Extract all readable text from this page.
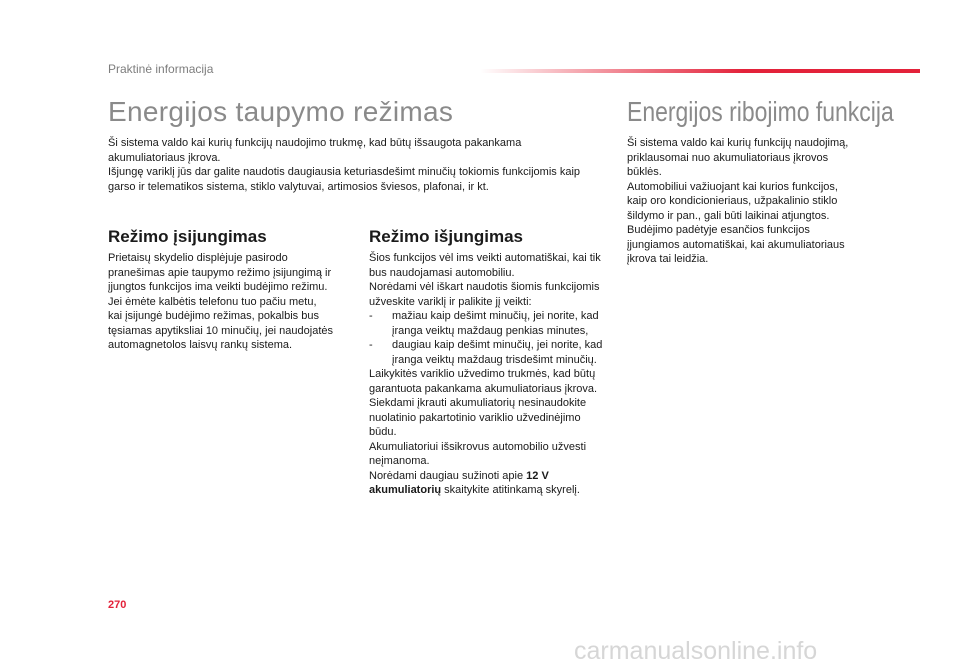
Praktinė informacija
Energijos taupymo režimas
Ši sistema valdo kai kurių funkcijų naudojimo trukmę, kad būtų išsaugota pakankama
akumuliatoriaus įkrova.
Išjungę variklį jūs dar galite naudotis daugiausia keturiasdešimt minučių tokiomis funkcijomis kaip
garso ir telematikos sistema, stiklo valytuvai, artimosios šviesos, plafonai, ir kt.
Režimo įsijungimas
Prietaisų skydelio displėjuje pasirodo
pranešimas apie taupymo režimo įsijungimą ir
įjungtos funkcijos ima veikti budėjimo režimu.
Jei ėmėte kalbėtis telefonu tuo pačiu metu,
kai įsijungė budėjimo režimas, pokalbis bus
tęsiamas apytiksliai 10 minučių, jei naudojatės
automagnetolos laisvų rankų sistema.
Režimo išjungimas
Šios funkcijos vėl ims veikti automatiškai, kai tik
bus naudojamasi automobiliu.
Norėdami vėl iškart naudotis šiomis funkcijomis
užveskite variklį ir palikite jį veikti:
-	mažiau kaip dešimt minučių, jei norite, kad
įranga veiktų maždaug penkias minutes,
-	daugiau kaip dešimt minučių, jei norite, kad
įranga veiktų maždaug trisdešimt minučių.
Laikykitės variklio užvedimo trukmės, kad būtų
garantuota pakankama akumuliatoriaus įkrova.
Siekdami įkrauti akumuliatorių nesinaudokite
nuolatinio pakartotinio variklio užvedinėjimo
būdu.
Akumuliatoriui išsikrovus automobilio užvesti
neįmanoma.
Norėdami daugiau sužinoti apie 12 V
akumuliatorių skaitykite atitinkamą skyrelį.
Energijos ribojimo funkcija
Ši sistema valdo kai kurių funkcijų naudojimą,
priklausomai nuo akumuliatoriaus įkrovos
būklės.
Automobiliui važiuojant kai kurios funkcijos,
kaip oro kondicionieriaus, užpakalinio stiklo
šildymo ir pan., gali būti laikinai atjungtos.
Budėjimo padėtyje esančios funkcijos
įjungiamos automatiškai, kai akumuliatoriaus
įkrova tai leidžia.
270
carmanualsonline.info
